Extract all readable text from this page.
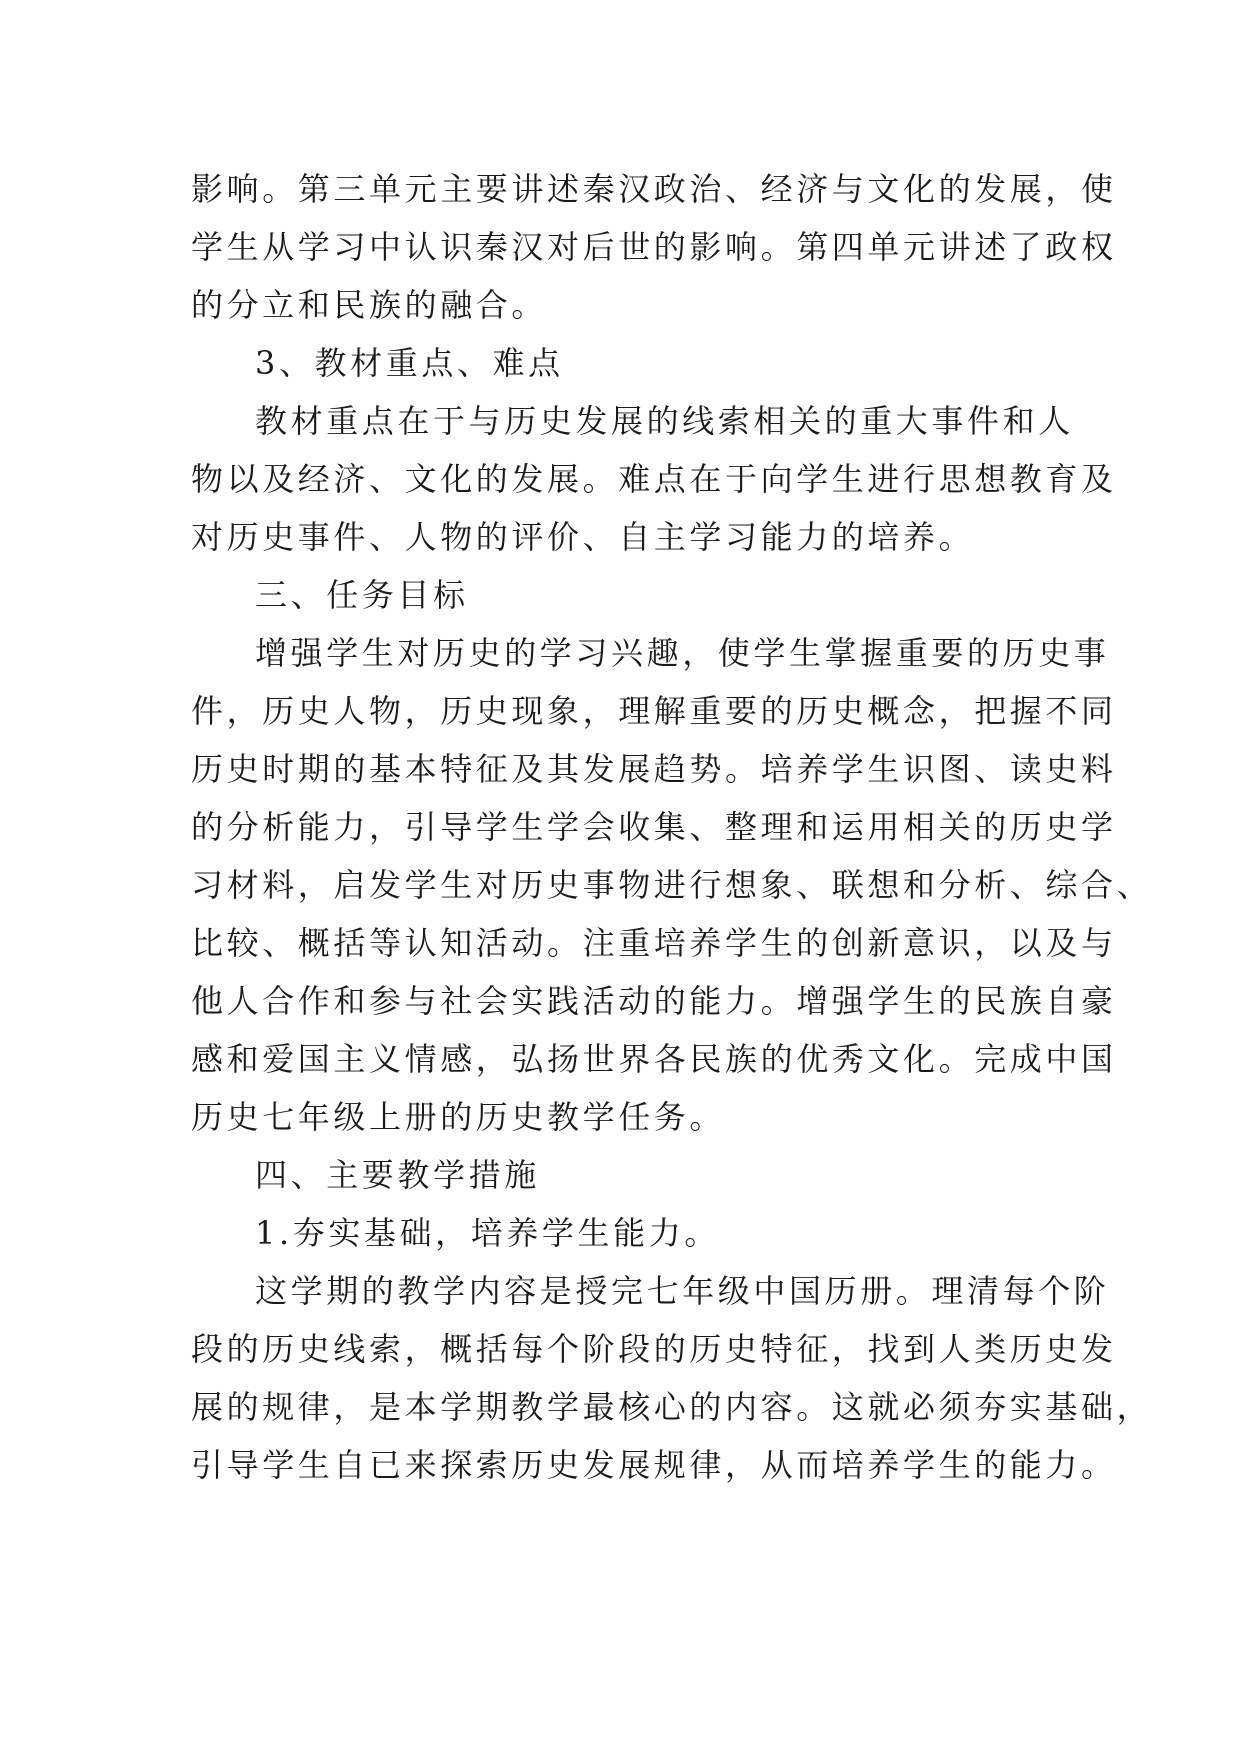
影响。第三单元主要讲述秦汉政治、经济与文化的发展，使
学生从学习中认识秦汉对后世的影响。第四单元讲述了政权
的分立和民族的融合。
3、教材重点、难点
教材重点在于与历史发展的线索相关的重大事件和人
物以及经济、文化的发展。难点在于向学生进行思想教育及
对历史事件、人物的评价、自主学习能力的培养。
三、任务目标
增强学生对历史的学习兴趣，使学生掌握重要的历史事
件，历史人物，历史现象，理解重要的历史概念，把握不同
历史时期的基本特征及其发展趋势。培养学生识图、读史料
的分析能力，引导学生学会收集、整理和运用相关的历史学
习材料，启发学生对历史事物进行想象、联想和分析、综合、
比较、概括等认知活动。注重培养学生的创新意识，以及与
他人合作和参与社会实践活动的能力。增强学生的民族自豪
感和爱国主义情感，弘扬世界各民族的优秀文化。完成中国
历史七年级上册的历史教学任务。
四、主要教学措施
1.夯实基础，培养学生能力。
这学期的教学内容是授完七年级中国历册。理清每个阶
段的历史线索，概括每个阶段的历史特征，找到人类历史发
展的规律，是本学期教学最核心的内容。这就必须夯实基础，
引导学生自已来探索历史发展规律，从而培养学生的能力。
